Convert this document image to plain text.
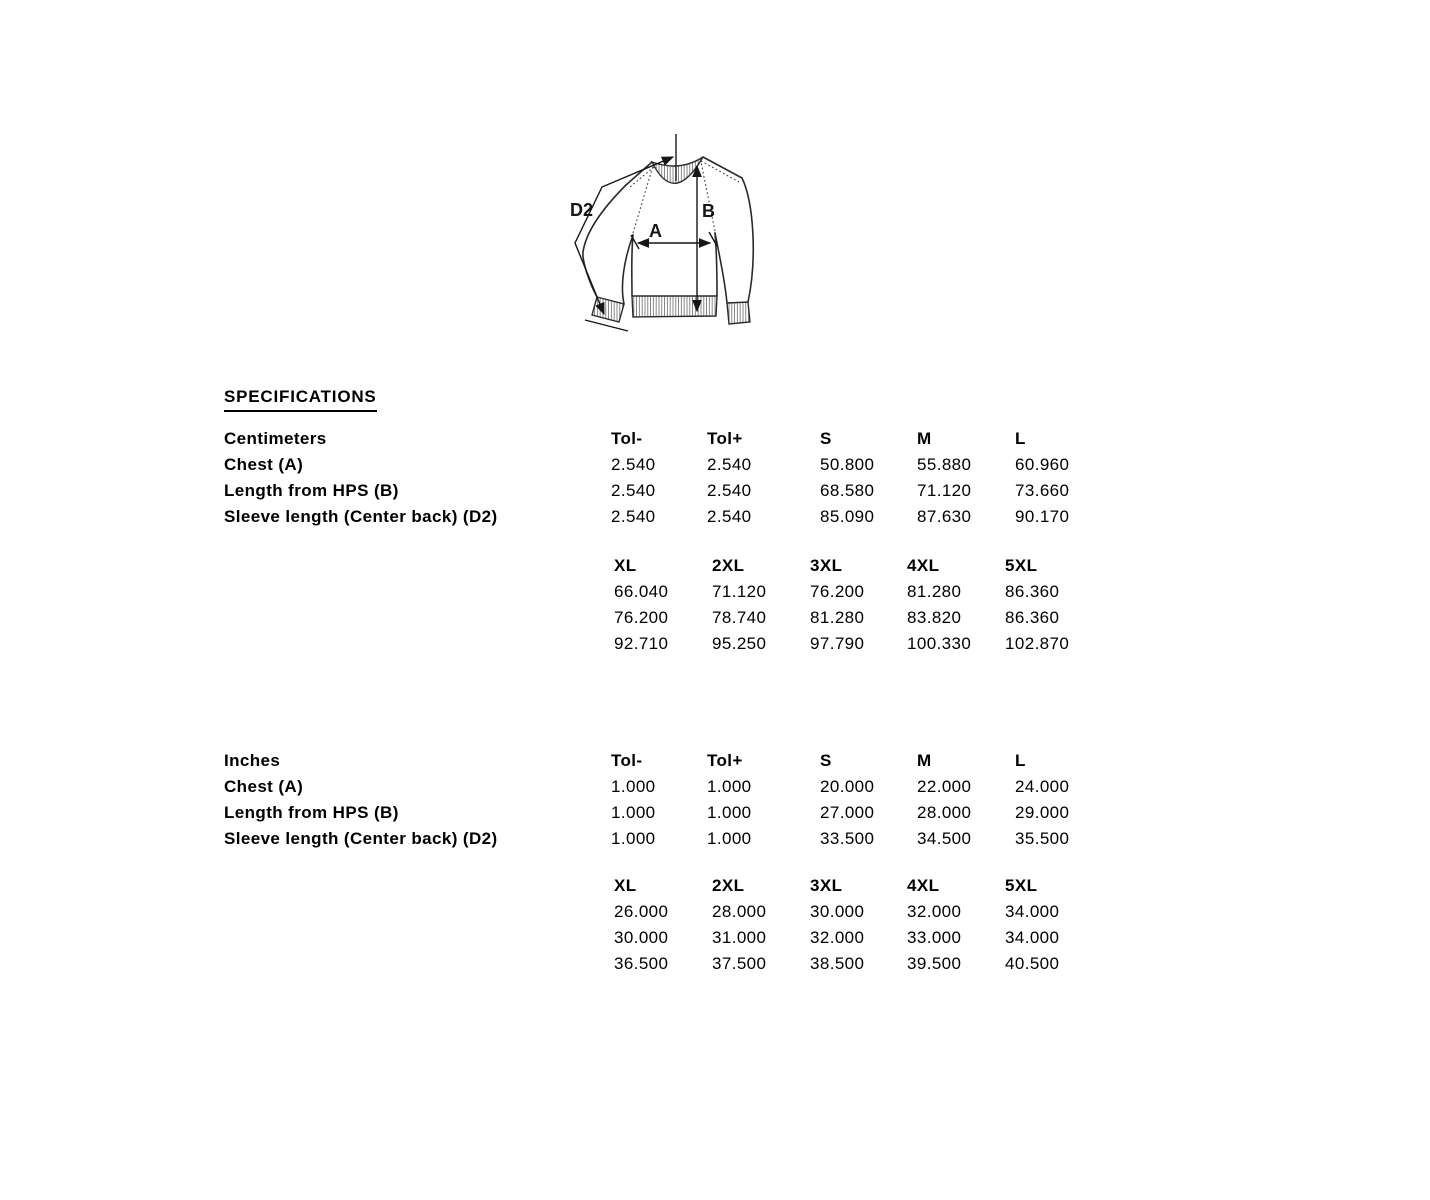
D2	B
A
SPECIFICATIONS
Centimeters	Tol-	Tol+	S	M	L
Chest (A)	2.540	2.540	50.800	55.880	60.960
Length from HPS (B)	2.540	2.540	68.580	71.120	73.660
Sleeve length (Center back) (D2)	2.540	2.540	85.090	87.630	90.170
XL	2XL	3XL	4XL	5XL
66.040	71.120	76.200	81.280	86.360
76.200	78.740	81.280	83.820	86.360
92.710	95.250	97.790	100.330	102.870
Inches	Tol-	Tol+	S	M	L
Chest (A)	1.000	1.000	20.000	22.000	24.000
Length from HPS (B)	1.000	1.000	27.000	28.000	29.000
Sleeve length (Center back) (D2)	1.000	1.000	33.500	34.500	35.500
XL	2XL	3XL	4XL	5XL
26.000	28.000	30.000	32.000	34.000
30.000	31.000	32.000	33.000	34.000
36.500	37.500	38.500	39.500	40.500
